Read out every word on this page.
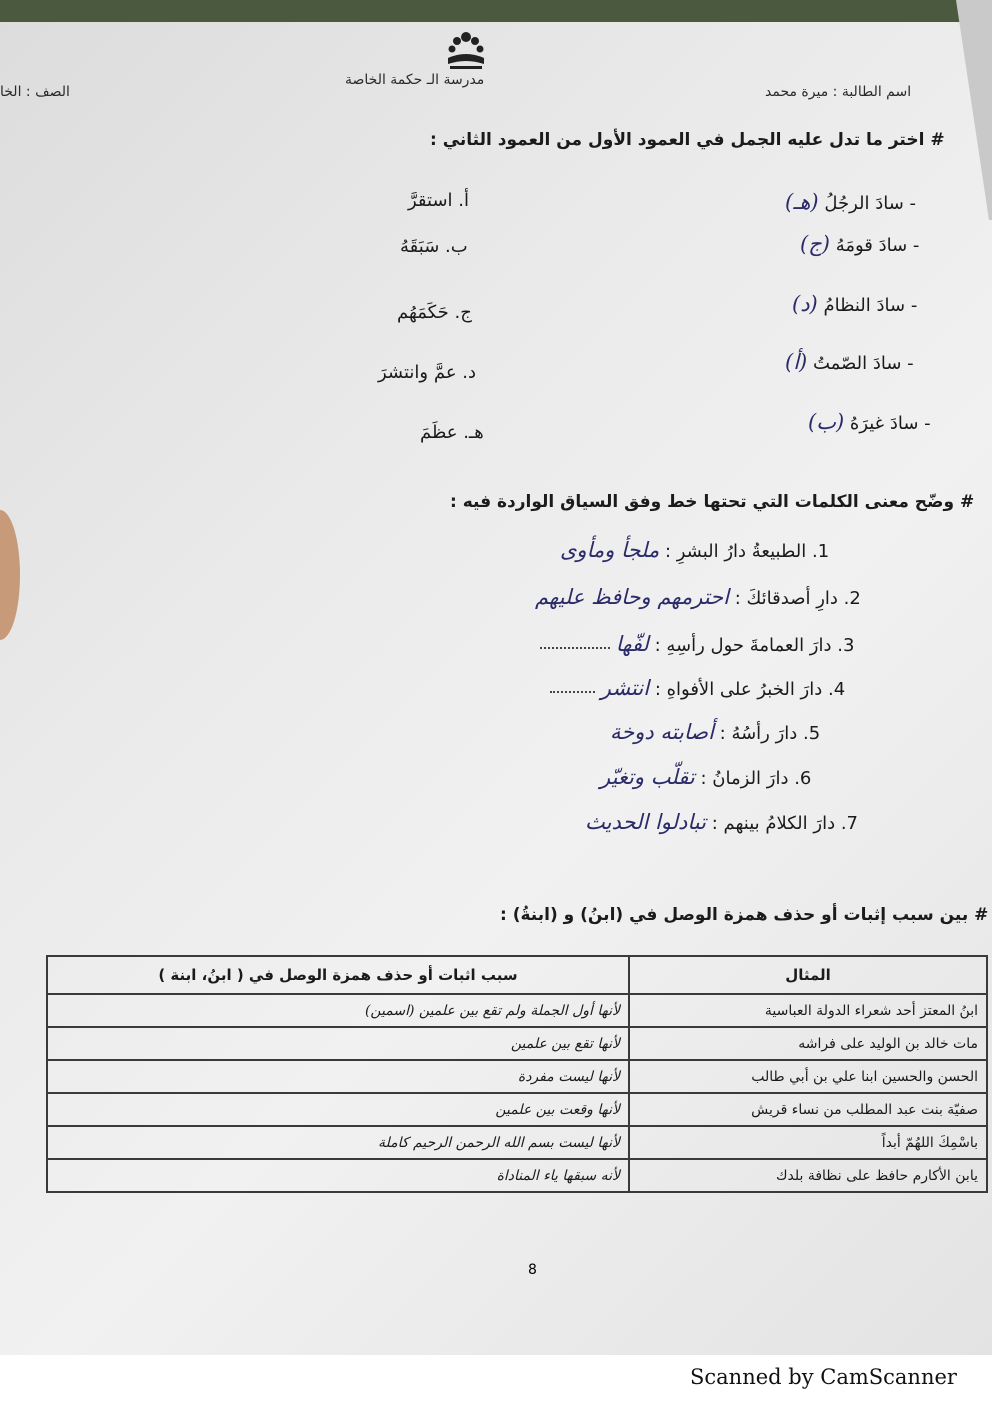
مدرسة الـ حكمة الخاصة
اسم الطالبة : ميرة محمد
الصف : الخا
# اختر ما تدل عليه الجمل في العمود الأول من العمود الثاني :
- سادَ الرجُلُ (هـ)
أ. استقرَّ
- سادَ قومَهُ (ج)
ب. سَبَقَهُ
- سادَ النظامُ (د)
ج. حَكَمَهُم
- سادَ الصّمتُ (أ)
د. عمَّ وانتشرَ
- سادَ غيرَهُ (ب)
هـ. عظَمَ
# وضّح معنى الكلمات التي تحتها خط وفق السياق الواردة فيه :
1. الطبيعةُ دارُ البشرِ : ملجأ ومأوى
2. دارِ أصدقائكَ : احترمهم وحافظ عليهم
3. دارَ العمامةَ حول رأسِهِ : لفّها
4. دارَ الخبرُ على الأفواهِ : انتشر
5. دارَ رأسُهُ : أصابته دوخة
6. دارَ الزمانُ : تقلّب وتغيّر
7. دارَ الكلامُ بينهم : تبادلوا الحديث
# بين سبب إثبات أو حذف همزة الوصل في (ابنُ) و (ابنةُ) :
المثال	سبب اثبات أو حذف همزة الوصل في ( ابنُ، ابنة )
ابنُ المعتز أحد شعراء الدولة العباسية	لأنها أول الجملة ولم تقع بين علمين (اسمين)
مات خالد بن الوليد على فراشه	لأنها تقع بين علمين
الحسن والحسين ابنا علي بن أبي طالب	لأنها ليست مفردة
صفيّة بنت عبد المطلب من نساء قريش	لأنها وقعت بين علمين
باسْمِكَ اللهُمّ أبداً	لأنها ليست بسم الله الرحمن الرحيم كاملة
يابن الأكارم حافظ على نظافة بلدك	لأنه سبقها ياء المناداة
8
Scanned by CamScanner
